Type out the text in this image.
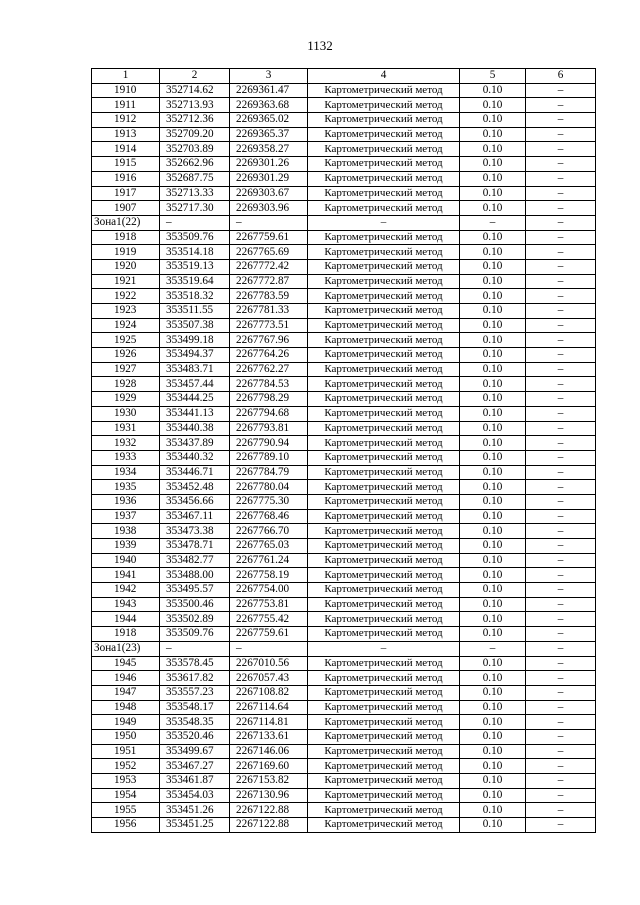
1132
1	2	3	4	5	6
1910	352714.62	2269361.47	Картометрический метод	0.10	–
1911	352713.93	2269363.68	Картометрический метод	0.10	–
1912	352712.36	2269365.02	Картометрический метод	0.10	–
1913	352709.20	2269365.37	Картометрический метод	0.10	–
1914	352703.89	2269358.27	Картометрический метод	0.10	–
1915	352662.96	2269301.26	Картометрический метод	0.10	–
1916	352687.75	2269301.29	Картометрический метод	0.10	–
1917	352713.33	2269303.67	Картометрический метод	0.10	–
1907	352717.30	2269303.96	Картометрический метод	0.10	–
Зона1(22)	–	–	–	–	–
1918	353509.76	2267759.61	Картометрический метод	0.10	–
1919	353514.18	2267765.69	Картометрический метод	0.10	–
1920	353519.13	2267772.42	Картометрический метод	0.10	–
1921	353519.64	2267772.87	Картометрический метод	0.10	–
1922	353518.32	2267783.59	Картометрический метод	0.10	–
1923	353511.55	2267781.33	Картометрический метод	0.10	–
1924	353507.38	2267773.51	Картометрический метод	0.10	–
1925	353499.18	2267767.96	Картометрический метод	0.10	–
1926	353494.37	2267764.26	Картометрический метод	0.10	–
1927	353483.71	2267762.27	Картометрический метод	0.10	–
1928	353457.44	2267784.53	Картометрический метод	0.10	–
1929	353444.25	2267798.29	Картометрический метод	0.10	–
1930	353441.13	2267794.68	Картометрический метод	0.10	–
1931	353440.38	2267793.81	Картометрический метод	0.10	–
1932	353437.89	2267790.94	Картометрический метод	0.10	–
1933	353440.32	2267789.10	Картометрический метод	0.10	–
1934	353446.71	2267784.79	Картометрический метод	0.10	–
1935	353452.48	2267780.04	Картометрический метод	0.10	–
1936	353456.66	2267775.30	Картометрический метод	0.10	–
1937	353467.11	2267768.46	Картометрический метод	0.10	–
1938	353473.38	2267766.70	Картометрический метод	0.10	–
1939	353478.71	2267765.03	Картометрический метод	0.10	–
1940	353482.77	2267761.24	Картометрический метод	0.10	–
1941	353488.00	2267758.19	Картометрический метод	0.10	–
1942	353495.57	2267754.00	Картометрический метод	0.10	–
1943	353500.46	2267753.81	Картометрический метод	0.10	–
1944	353502.89	2267755.42	Картометрический метод	0.10	–
1918	353509.76	2267759.61	Картометрический метод	0.10	–
Зона1(23)	–	–	–	–	–
1945	353578.45	2267010.56	Картометрический метод	0.10	–
1946	353617.82	2267057.43	Картометрический метод	0.10	–
1947	353557.23	2267108.82	Картометрический метод	0.10	–
1948	353548.17	2267114.64	Картометрический метод	0.10	–
1949	353548.35	2267114.81	Картометрический метод	0.10	–
1950	353520.46	2267133.61	Картометрический метод	0.10	–
1951	353499.67	2267146.06	Картометрический метод	0.10	–
1952	353467.27	2267169.60	Картометрический метод	0.10	–
1953	353461.87	2267153.82	Картометрический метод	0.10	–
1954	353454.03	2267130.96	Картометрический метод	0.10	–
1955	353451.26	2267122.88	Картометрический метод	0.10	–
1956	353451.25	2267122.88	Картометрический метод	0.10	–
